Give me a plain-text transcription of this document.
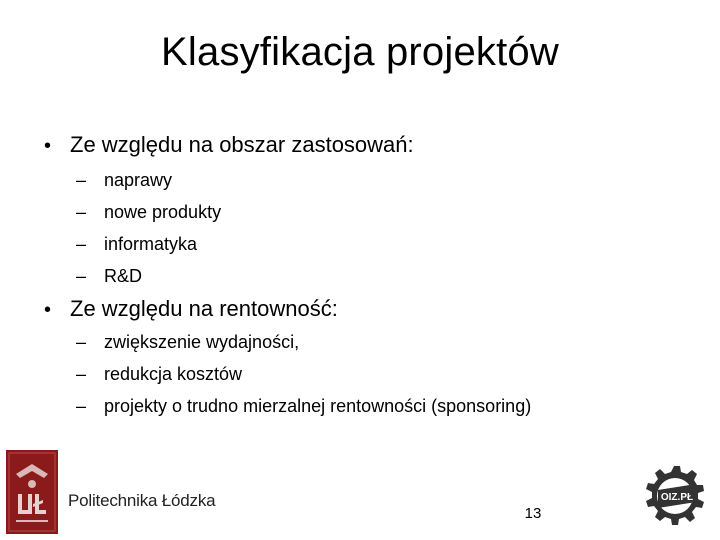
Klasyfikacja projektów
• Ze względu na obszar zastosowań:
– naprawy
– nowe produkty
– informatyka
– R&D
• Ze względu na rentowność:
– zwiększenie wydajności,
– redukcja kosztów
– projekty o trudno mierzalnej rentowności (sponsoring)
Politechnika Łódzka
13
OIZ.PŁ
